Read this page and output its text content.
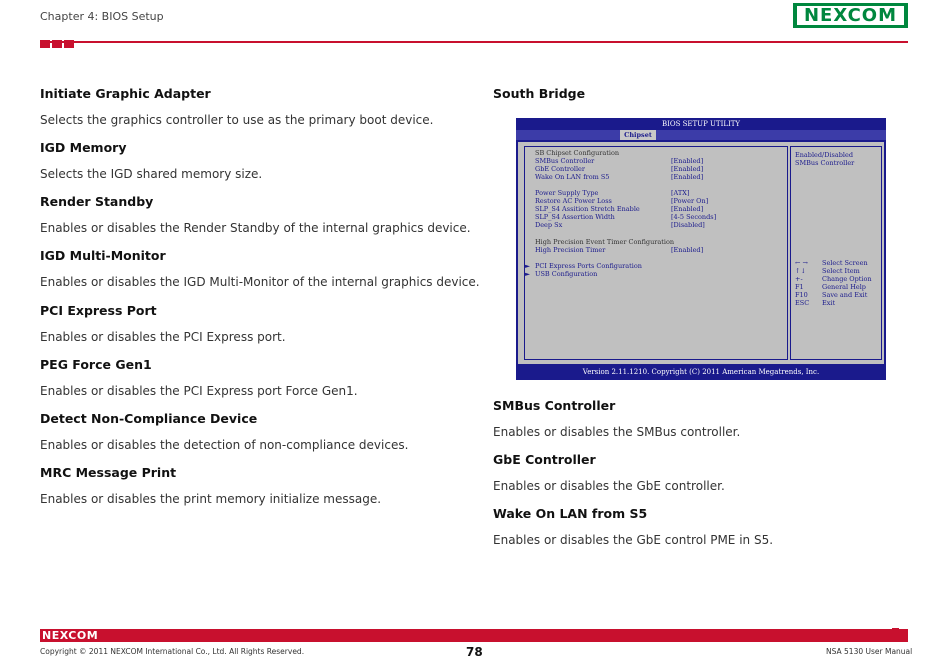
Chapter 4: BIOS Setup	NEXCOM
Initiate Graphic Adapter
Selects the graphics controller to use as the primary boot device.
IGD Memory
Selects the IGD shared memory size.
Render Standby
Enables or disables the Render Standby of the internal graphics device.
IGD Multi-Monitor
Enables or disables the IGD Multi-Monitor of the internal graphics device.
PCI Express Port
Enables or disables the PCI Express port.
PEG Force Gen1
Enables or disables the PCI Express port Force Gen1.
Detect Non-Compliance Device
Enables or disables the detection of non-compliance devices.
MRC Message Print
Enables or disables the print memory initialize message.
South Bridge
BIOS SETUP UTILITY
Chipset
SB Chipset Configuration
SMBus Controller	[Enabled]
GbE Controller	[Enabled]
Wake On LAN from S5	[Enabled]
Power Supply Type	[ATX]
Restore AC Power Loss	[Power On]
SLP_S4 Assition Stretch Enable	[Enabled]
SLP_S4 Assertion Width	[4-5 Seconds]
Deep Sx	[Disabled]
High Precision Event Timer Configuration
High Precision Timer	[Enabled]
► PCI Express Ports Configuration
► USB Configuration
Enabled/Disabled
SMBus Controller
← → Select Screen
↑↓ Select Item
+-	Change Option
F1	General Help
F10 Save and Exit
ESC Exit
Version 2.11.1210. Copyright (C) 2011 American Megatrends, Inc.
SMBus Controller
Enables or disables the SMBus controller.
GbE Controller
Enables or disables the GbE controller.
Wake On LAN from S5
Enables or disables the GbE control PME in S5.
NEXCOM
Copyright © 2011 NEXCOM International Co., Ltd. All Rights Reserved.	78	NSA 5130 User Manual
